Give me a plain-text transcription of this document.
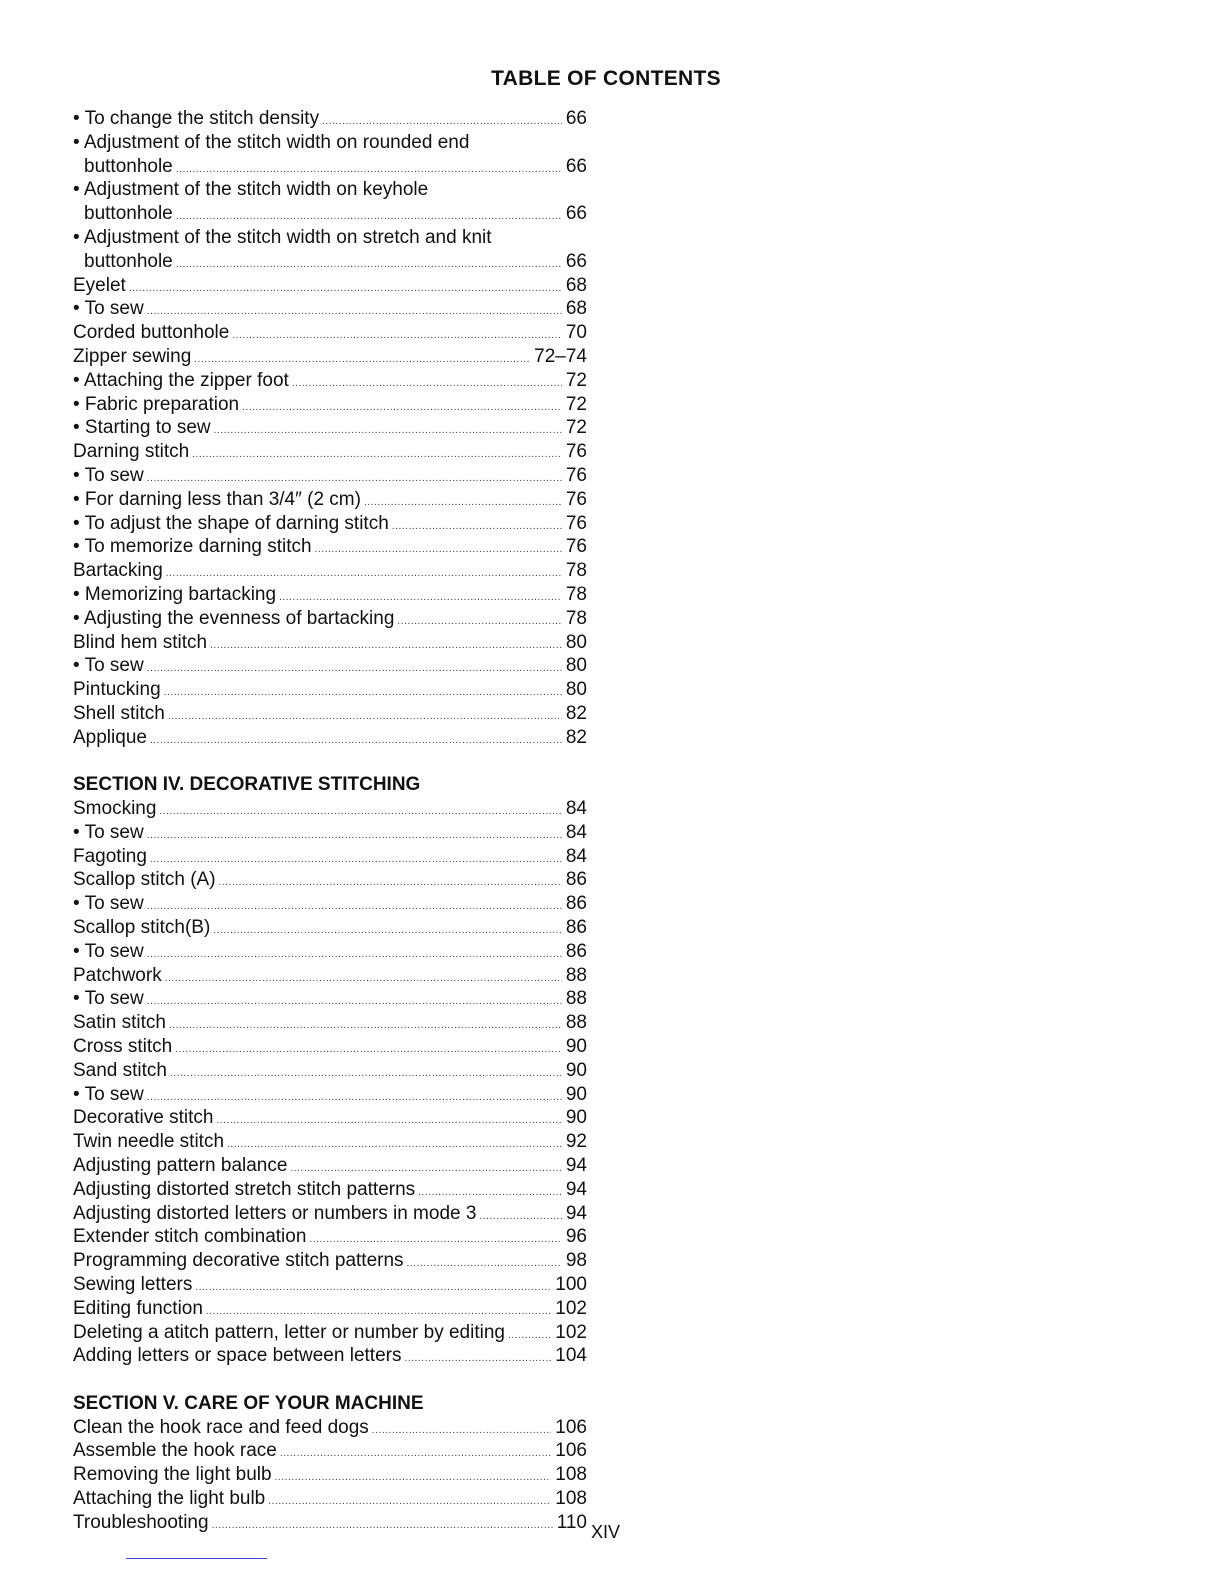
TABLE OF CONTENTS
• To change the stitch density . . .	66
• Adjustment of the stitch width on rounded end
buttonhole . . .	66
• Adjustment of the stitch width on keyhole
buttonhole . . .	66
• Adjustment of the stitch width on stretch and knit
buttonhole . . .	66
Eyelet . . .	68
• To sew . . .	68
Corded buttonhole . . .	70
Zipper sewing . . .	72–74
• Attaching the zipper foot . . .	72
• Fabric preparation . . .	72
• Starting to sew . . .	72
Darning stitch . . .	76
• To sew . . .	76
• For darning less than 3/4″ (2 cm) . . .	76
• To adjust the shape of darning stitch . . .	76
• To memorize darning stitch . . .	76
Bartacking . . .	78
• Memorizing bartacking . . .	78
• Adjusting the evenness of bartacking . . .	78
Blind hem stitch . . .	80
• To sew . . .	80
Pintucking . . .	80
Shell stitch . . .	82
Applique . . .	82
SECTION IV. DECORATIVE STITCHING
Smocking . . .	84
• To sew . . .	84
Fagoting . . .	84
Scallop stitch (A) . . .	86
• To sew . . .	86
Scallop stitch(B) . . .	86
• To sew . . .	86
Patchwork . . .	88
• To sew . . .	88
Satin stitch . . .	88
Cross stitch . . .	90
Sand stitch . . .	90
• To sew . . .	90
Decorative stitch . . .	90
Twin needle stitch . . .	92
Adjusting pattern balance . . .	94
Adjusting distorted stretch stitch patterns . . .	94
Adjusting distorted letters or numbers in mode 3 . . .	94
Extender stitch combination . . .	96
Programming decorative stitch patterns . . .	98
Sewing letters . . .	100
Editing function . . .	102
Deleting a atitch pattern, letter or number by editing . . .	102
Adding letters or space between letters . . .	104
SECTION V. CARE OF YOUR MACHINE
Clean the hook race and feed dogs . . .	106
Assemble the hook race . . .	106
Removing the light bulb . . .	108
Attaching the light bulb . . .	108
Troubleshooting . . .	110 XIV
